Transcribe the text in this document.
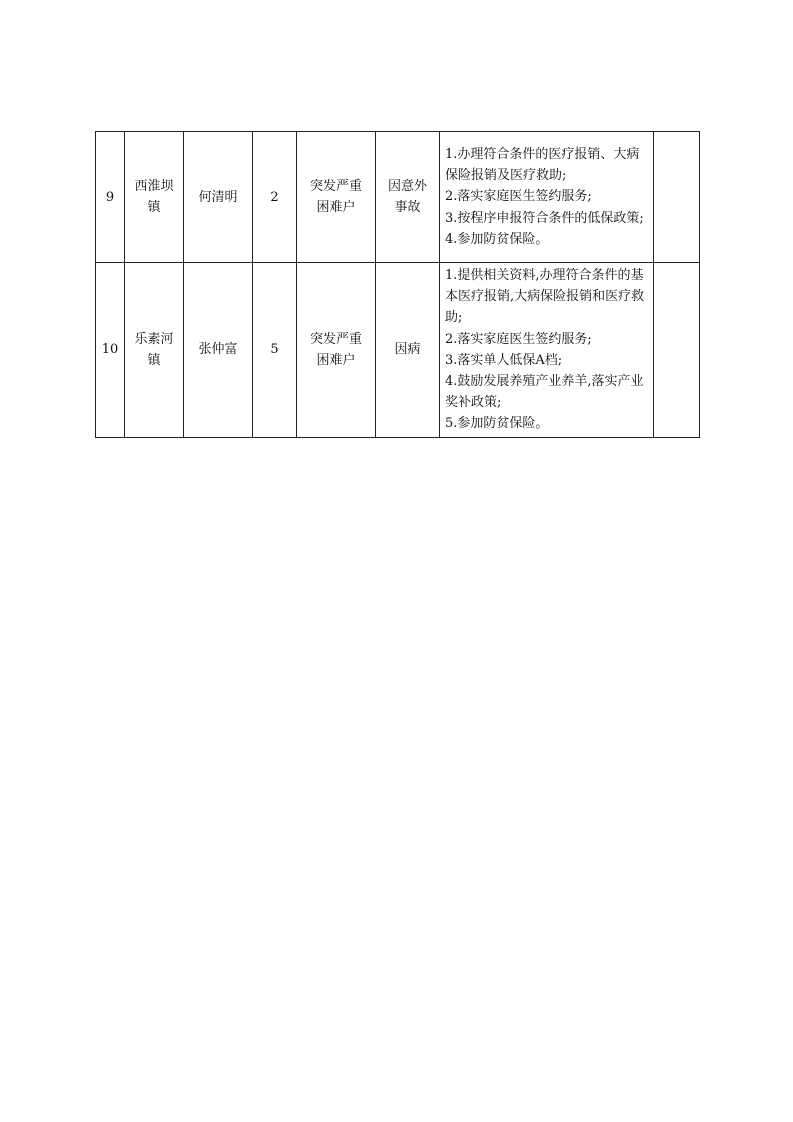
9	西淮坝镇	何清明	2	突发严重困难户	因意外事故	1.办理符合条件的医疗报销、大病保险报销及医疗救助;
2.落实家庭医生签约服务;
3.按程序申报符合条件的低保政策;
4.参加防贫保险。	

10	乐素河镇	张仲富	5	突发严重困难户	因病	1.提供相关资料,办理符合条件的基本医疗报销,大病保险报销和医疗救助;
2.落实家庭医生签约服务;
3.落实单人低保A档;
4.鼓励发展养殖产业养羊,落实产业奖补政策;
5.参加防贫保险。	
